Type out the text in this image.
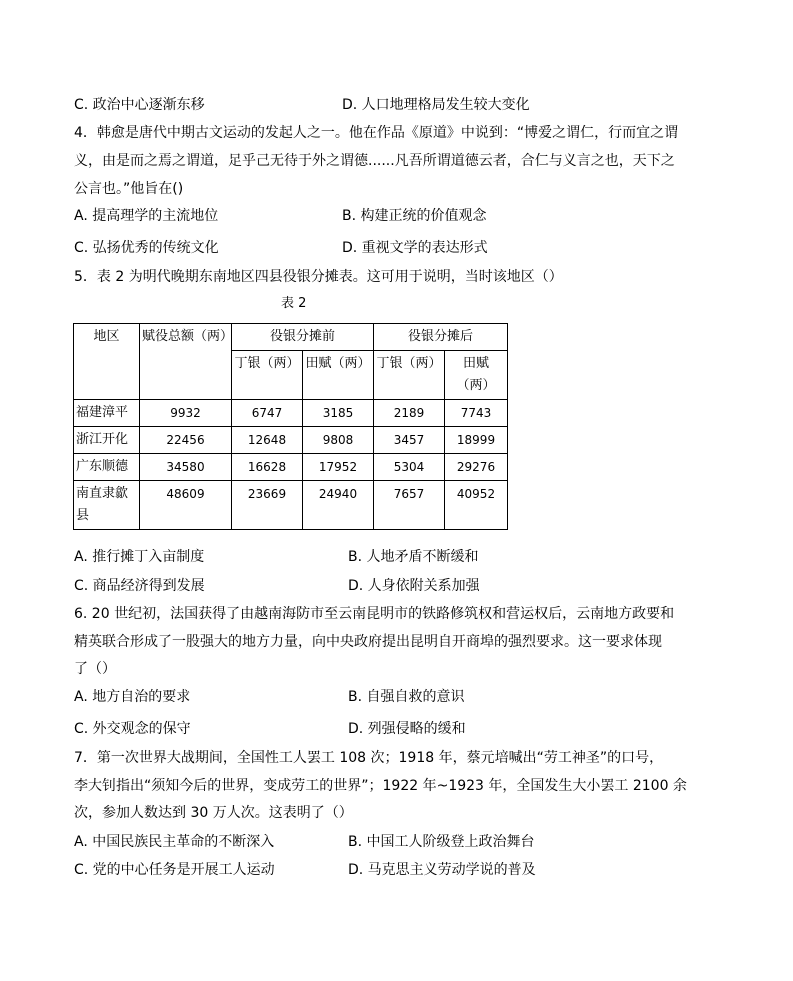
C. 政治中心逐渐东移	D. 人口地理格局发生较大变化
4．韩愈是唐代中期古文运动的发起人之一。他在作品《原道》中说到：“博爱之谓仁，行而宜之谓
义，由是而之焉之谓道，足乎己无待于外之谓德......凡吾所谓道德云者，合仁与义言之也，天下之
公言也。”他旨在()
A. 提高理学的主流地位	B. 构建正统的价值观念
C. 弘扬优秀的传统文化	D. 重视文学的表达形式
5．表 2 为明代晚期东南地区四县役银分摊表。这可用于说明，当时该地区（）
表 2
地区	赋役总额（两）	役银分摊前		役银分摊后	
		丁银（两）	田赋（两）	丁银（两）	田赋（两）
福建漳平	9932	6747	3185	2189	7743
浙江开化	22456	12648	9808	3457	18999
广东顺德	34580	16628	17952	5304	29276
南直隶歙县	48609	23669	24940	7657	40952
A. 推行摊丁入亩制度	B. 人地矛盾不断缓和
C. 商品经济得到发展	D. 人身依附关系加强
6. 20 世纪初，法国获得了由越南海防市至云南昆明市的铁路修筑权和营运权后，云南地方政要和
精英联合形成了一股强大的地方力量，向中央政府提出昆明自开商埠的强烈要求。这一要求体现
了（）
A. 地方自治的要求	B. 自强自救的意识
C. 外交观念的保守	D. 列强侵略的缓和
7．第一次世界大战期间，全国性工人罢工 108 次；1918 年，蔡元培喊出“劳工神圣”的口号，
李大钊指出“须知今后的世界，变成劳工的世界”；1922 年~1923 年，全国发生大小罢工 2100 余
次，参加人数达到 30 万人次。这表明了（）
A. 中国民族民主革命的不断深入	B. 中国工人阶级登上政治舞台
C. 党的中心任务是开展工人运动	D. 马克思主义劳动学说的普及
